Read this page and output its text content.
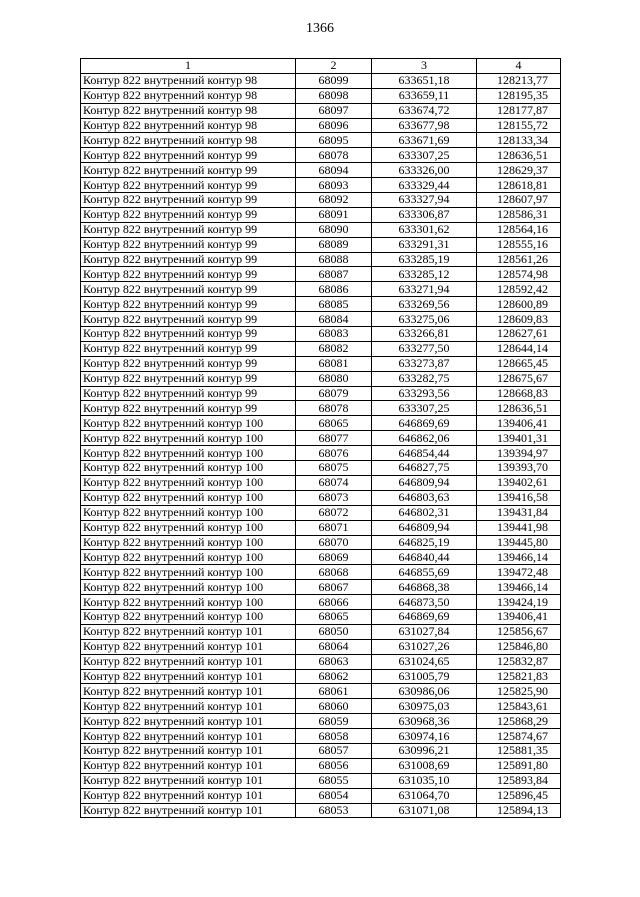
1366
1	2	3	4
Контур 822 внутренний контур 98	68099	633651,18	128213,77
Контур 822 внутренний контур 98	68098	633659,11	128195,35
Контур 822 внутренний контур 98	68097	633674,72	128177,87
Контур 822 внутренний контур 98	68096	633677,98	128155,72
Контур 822 внутренний контур 98	68095	633671,69	128133,34
Контур 822 внутренний контур 99	68078	633307,25	128636,51
Контур 822 внутренний контур 99	68094	633326,00	128629,37
Контур 822 внутренний контур 99	68093	633329,44	128618,81
Контур 822 внутренний контур 99	68092	633327,94	128607,97
Контур 822 внутренний контур 99	68091	633306,87	128586,31
Контур 822 внутренний контур 99	68090	633301,62	128564,16
Контур 822 внутренний контур 99	68089	633291,31	128555,16
Контур 822 внутренний контур 99	68088	633285,19	128561,26
Контур 822 внутренний контур 99	68087	633285,12	128574,98
Контур 822 внутренний контур 99	68086	633271,94	128592,42
Контур 822 внутренний контур 99	68085	633269,56	128600,89
Контур 822 внутренний контур 99	68084	633275,06	128609,83
Контур 822 внутренний контур 99	68083	633266,81	128627,61
Контур 822 внутренний контур 99	68082	633277,50	128644,14
Контур 822 внутренний контур 99	68081	633273,87	128665,45
Контур 822 внутренний контур 99	68080	633282,75	128675,67
Контур 822 внутренний контур 99	68079	633293,56	128668,83
Контур 822 внутренний контур 99	68078	633307,25	128636,51
Контур 822 внутренний контур 100	68065	646869,69	139406,41
Контур 822 внутренний контур 100	68077	646862,06	139401,31
Контур 822 внутренний контур 100	68076	646854,44	139394,97
Контур 822 внутренний контур 100	68075	646827,75	139393,70
Контур 822 внутренний контур 100	68074	646809,94	139402,61
Контур 822 внутренний контур 100	68073	646803,63	139416,58
Контур 822 внутренний контур 100	68072	646802,31	139431,84
Контур 822 внутренний контур 100	68071	646809,94	139441,98
Контур 822 внутренний контур 100	68070	646825,19	139445,80
Контур 822 внутренний контур 100	68069	646840,44	139466,14
Контур 822 внутренний контур 100	68068	646855,69	139472,48
Контур 822 внутренний контур 100	68067	646868,38	139466,14
Контур 822 внутренний контур 100	68066	646873,50	139424,19
Контур 822 внутренний контур 100	68065	646869,69	139406,41
Контур 822 внутренний контур 101	68050	631027,84	125856,67
Контур 822 внутренний контур 101	68064	631027,26	125846,80
Контур 822 внутренний контур 101	68063	631024,65	125832,87
Контур 822 внутренний контур 101	68062	631005,79	125821,83
Контур 822 внутренний контур 101	68061	630986,06	125825,90
Контур 822 внутренний контур 101	68060	630975,03	125843,61
Контур 822 внутренний контур 101	68059	630968,36	125868,29
Контур 822 внутренний контур 101	68058	630974,16	125874,67
Контур 822 внутренний контур 101	68057	630996,21	125881,35
Контур 822 внутренний контур 101	68056	631008,69	125891,80
Контур 822 внутренний контур 101	68055	631035,10	125893,84
Контур 822 внутренний контур 101	68054	631064,70	125896,45
Контур 822 внутренний контур 101	68053	631071,08	125894,13
